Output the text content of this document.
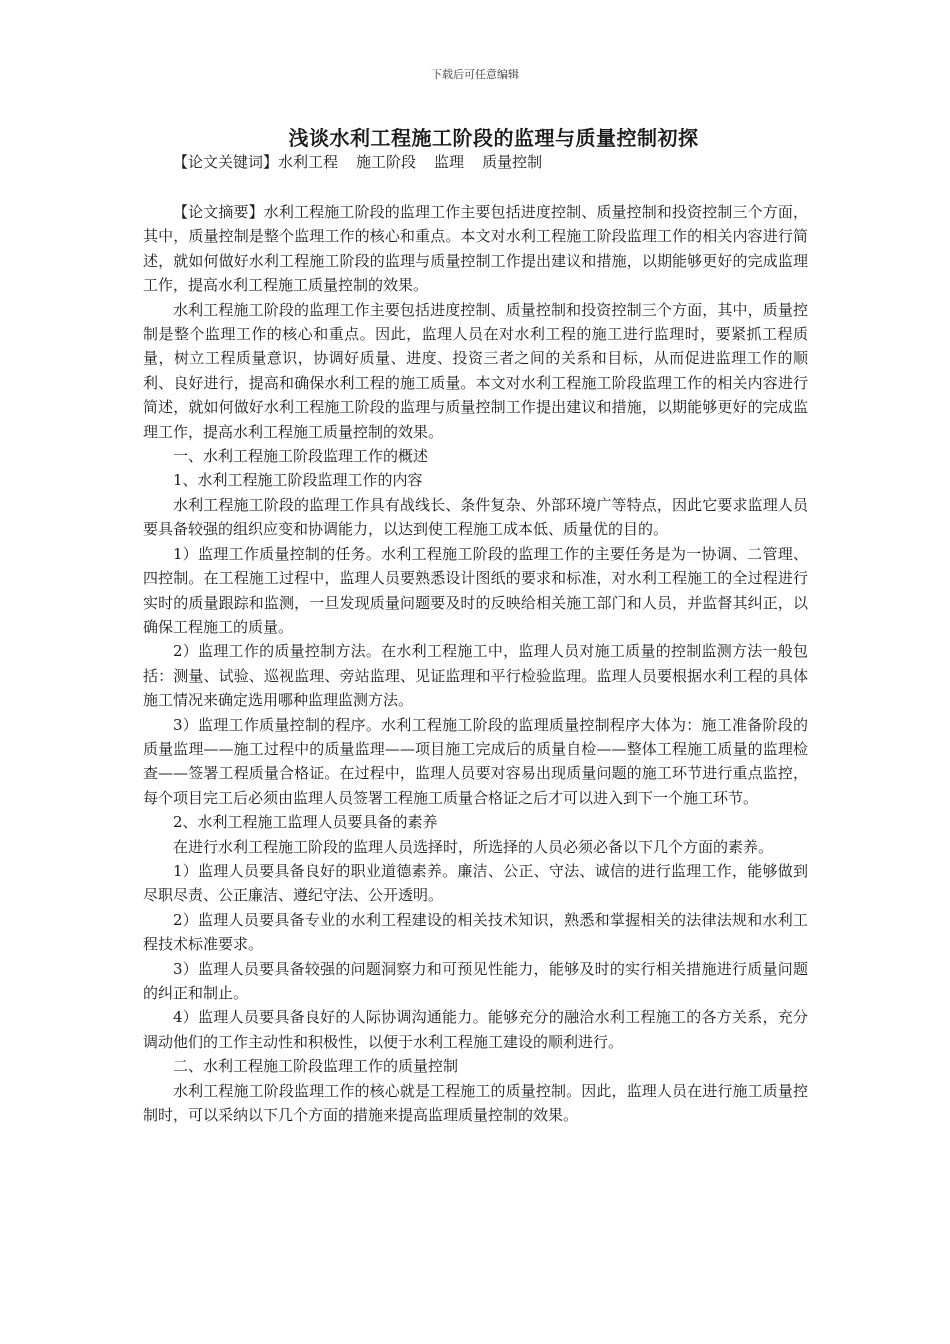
下载后可任意编辑
浅谈水利工程施工阶段的监理与质量控制初探
【论文关键词】水利工程 施工阶段 监理 质量控制

【论文摘要】水利工程施工阶段的监理工作主要包括进度控制、质量控制和投资控制三个方面，其中，质量控制是整个监理工作的核心和重点。本文对水利工程施工阶段监理工作的相关内容进行简述，就如何做好水利工程施工阶段的监理与质量控制工作提出建议和措施，以期能够更好的完成监理工作，提高水利工程施工质量控制的效果。

水利工程施工阶段的监理工作主要包括进度控制、质量控制和投资控制三个方面，其中，质量控制是整个监理工作的核心和重点。因此，监理人员在对水利工程的施工进行监理时，要紧抓工程质量，树立工程质量意识，协调好质量、进度、投资三者之间的关系和目标，从而促进监理工作的顺利、良好进行，提高和确保水利工程的施工质量。本文对水利工程施工阶段监理工作的相关内容进行简述，就如何做好水利工程施工阶段的监理与质量控制工作提出建议和措施，以期能够更好的完成监理工作，提高水利工程施工质量控制的效果。

一、水利工程施工阶段监理工作的概述

1、水利工程施工阶段监理工作的内容

水利工程施工阶段的监理工作具有战线长、条件复杂、外部环境广等特点，因此它要求监理人员要具备较强的组织应变和协调能力，以达到使工程施工成本低、质量优的目的。

1）监理工作质量控制的任务。水利工程施工阶段的监理工作的主要任务是为一协调、二管理、四控制。在工程施工过程中，监理人员要熟悉设计图纸的要求和标准，对水利工程施工的全过程进行实时的质量跟踪和监测，一旦发现质量问题要及时的反映给相关施工部门和人员，并监督其纠正，以确保工程施工的质量。

2）监理工作的质量控制方法。在水利工程施工中，监理人员对施工质量的控制监测方法一般包括：测量、试验、巡视监理、旁站监理、见证监理和平行检验监理。监理人员要根据水利工程的具体施工情况来确定选用哪种监理监测方法。

3）监理工作质量控制的程序。水利工程施工阶段的监理质量控制程序大体为：施工准备阶段的质量监理——施工过程中的质量监理——项目施工完成后的质量自检——整体工程施工质量的监理检查——签署工程质量合格证。在过程中，监理人员要对容易出现质量问题的施工环节进行重点监控，每个项目完工后必须由监理人员签署工程施工质量合格证之后才可以进入到下一个施工环节。

2、水利工程施工监理人员要具备的素养

在进行水利工程施工阶段的监理人员选择时，所选择的人员必须必备以下几个方面的素养。

1）监理人员要具备良好的职业道德素养。廉洁、公正、守法、诚信的进行监理工作，能够做到尽职尽责、公正廉洁、遵纪守法、公开透明。

2）监理人员要具备专业的水利工程建设的相关技术知识，熟悉和掌握相关的法律法规和水利工程技术标准要求。

3）监理人员要具备较强的问题洞察力和可预见性能力，能够及时的实行相关措施进行质量问题的纠正和制止。

4）监理人员要具备良好的人际协调沟通能力。能够充分的融洽水利工程施工的各方关系，充分调动他们的工作主动性和积极性，以便于水利工程施工建设的顺利进行。

二、水利工程施工阶段监理工作的质量控制

水利工程施工阶段监理工作的核心就是工程施工的质量控制。因此，监理人员在进行施工质量控制时，可以采纳以下几个方面的措施来提高监理质量控制的效果。
